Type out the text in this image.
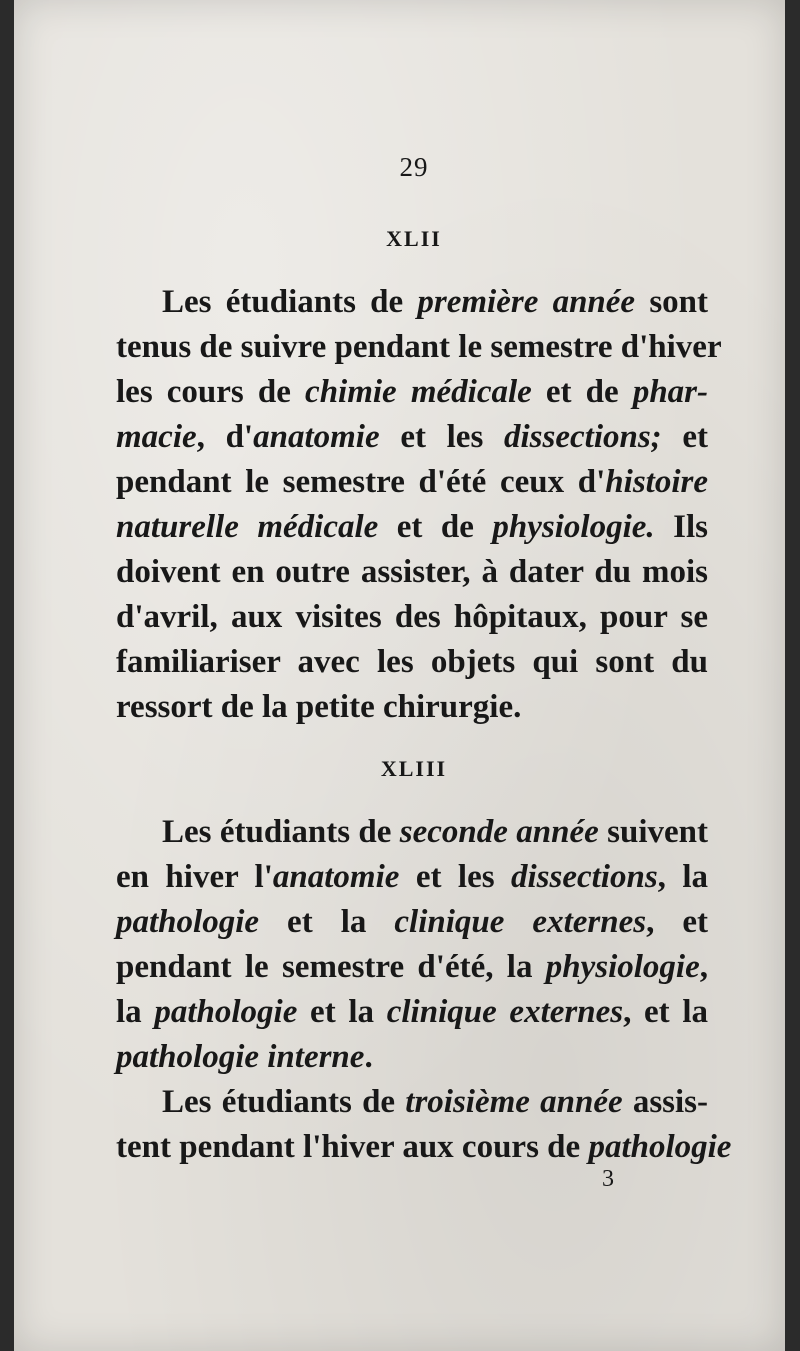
29
XLII
Les étudiants de première année sont
tenus de suivre pendant le semestre d'hiver
les cours de chimie médicale et de phar-
macie, d'anatomie et les dissections; et
pendant le semestre d'été ceux d'histoire
naturelle médicale et de physiologie. Ils
doivent en outre assister, à dater du mois
d'avril, aux visites des hôpitaux, pour se
familiariser avec les objets qui sont du
ressort de la petite chirurgie.
XLIII
Les étudiants de seconde année suivent
en hiver l'anatomie et les dissections, la
pathologie et la clinique externes, et
pendant le semestre d'été, la physiologie,
la pathologie et la clinique externes, et la
pathologie interne.
Les étudiants de troisième année assis-
tent pendant l'hiver aux cours de pathologie
3
